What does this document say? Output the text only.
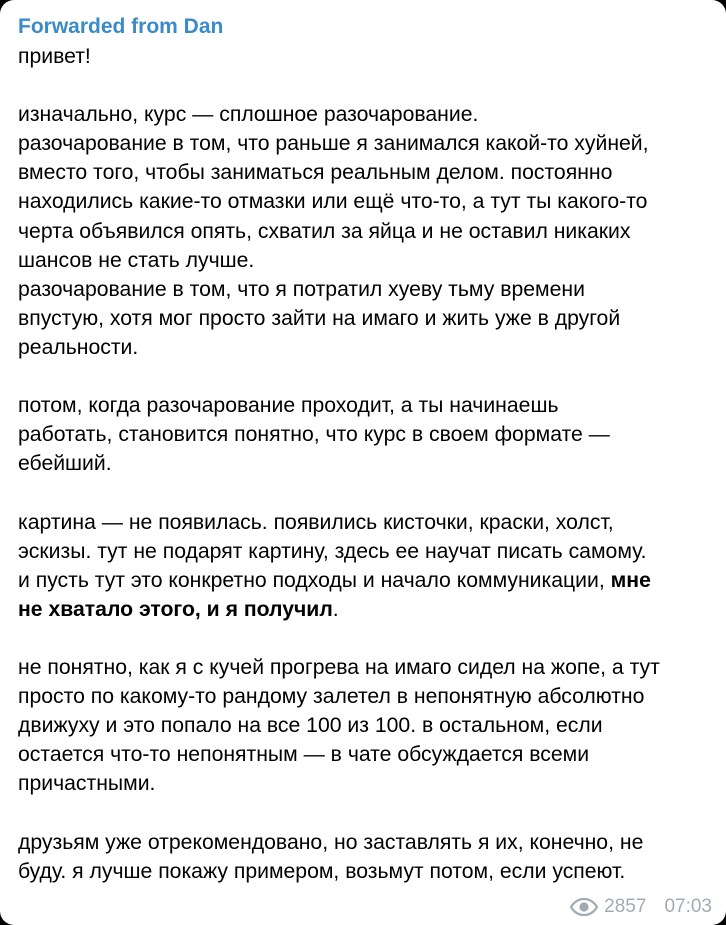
Forwarded from Dan
привет!
изначально, курс — сплошное разочарование.
разочарование в том, что раньше я занимался какой-то хуйней,
вместо того, чтобы заниматься реальным делом. постоянно
находились какие-то отмазки или ещё что-то, а тут ты какого-то
черта объявился опять, схватил за яйца и не оставил никаких
шансов не стать лучше.
разочарование в том, что я потратил хуеву тьму времени
впустую, хотя мог просто зайти на имаго и жить уже в другой
реальности.
потом, когда разочарование проходит, а ты начинаешь
работать, становится понятно, что курс в своем формате —
ебейший.
картина — не появилась. появились кисточки, краски, холст,
эскизы. тут не подарят картину, здесь ее научат писать самому.
и пусть тут это конкретно подходы и начало коммуникации, мне
не хватало этого, и я получил.
не понятно, как я с кучей прогрева на имаго сидел на жопе, а тут
просто по какому-то рандому залетел в непонятную абсолютно
движуху и это попало на все 100 из 100. в остальном, если
остается что-то непонятным — в чате обсуждается всеми
причастными.
друзьям уже отрекомендовано, но заставлять я их, конечно, не
буду. я лучше покажу примером, возьмут потом, если успеют.
2857 07:03
